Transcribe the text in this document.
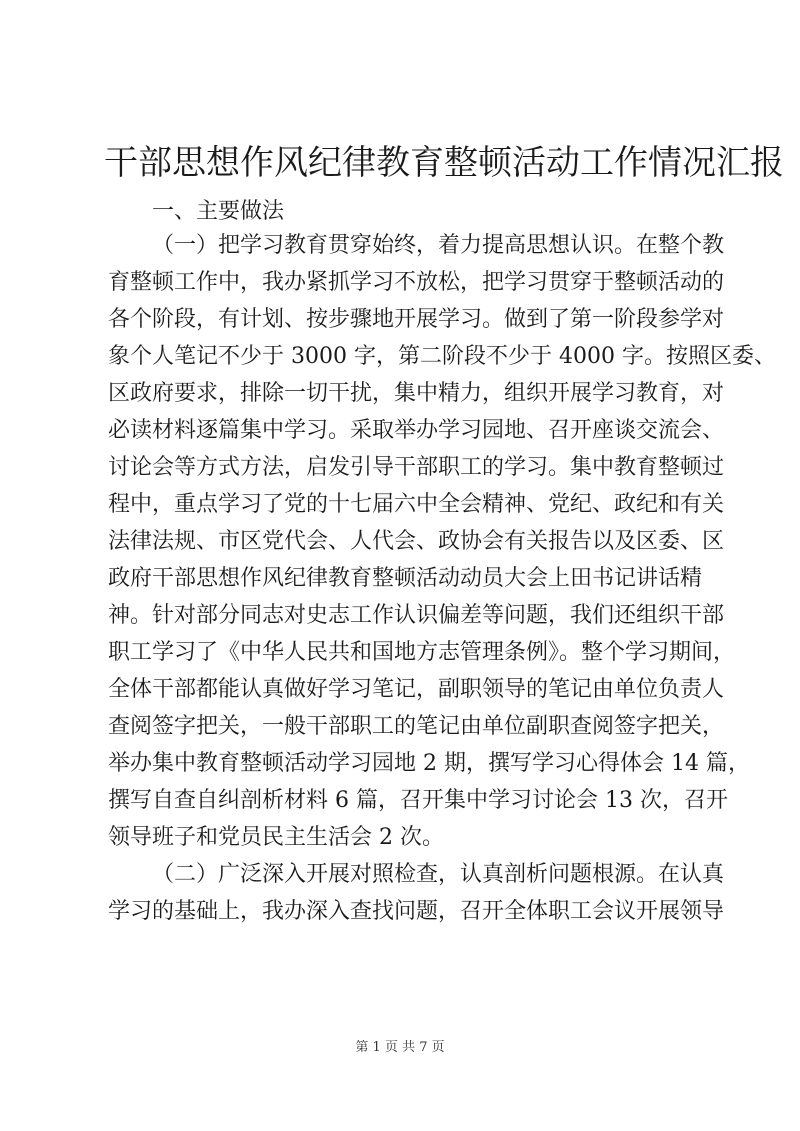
干部思想作风纪律教育整顿活动工作情况汇报
一、主要做法
（一）把学习教育贯穿始终，着力提高思想认识。在整个教
育整顿工作中，我办紧抓学习不放松，把学习贯穿于整顿活动的
各个阶段，有计划、按步骤地开展学习。做到了第一阶段参学对
象个人笔记不少于 3000 字，第二阶段不少于 4000 字。按照区委、
区政府要求，排除一切干扰，集中精力，组织开展学习教育，对
必读材料逐篇集中学习。采取举办学习园地、召开座谈交流会、
讨论会等方式方法，启发引导干部职工的学习。集中教育整顿过
程中，重点学习了党的十七届六中全会精神、党纪、政纪和有关
法律法规、市区党代会、人代会、政协会有关报告以及区委、区
政府干部思想作风纪律教育整顿活动动员大会上田书记讲话精
神。针对部分同志对史志工作认识偏差等问题，我们还组织干部
职工学习了《中华人民共和国地方志管理条例》。整个学习期间，
全体干部都能认真做好学习笔记，副职领导的笔记由单位负责人
查阅签字把关，一般干部职工的笔记由单位副职查阅签字把关，
举办集中教育整顿活动学习园地 2 期，撰写学习心得体会 14 篇，
撰写自查自纠剖析材料 6 篇，召开集中学习讨论会 13 次，召开
领导班子和党员民主生活会 2 次。
（二）广泛深入开展对照检查，认真剖析问题根源。在认真
学习的基础上，我办深入查找问题，召开全体职工会议开展领导
第 1 页 共 7 页
